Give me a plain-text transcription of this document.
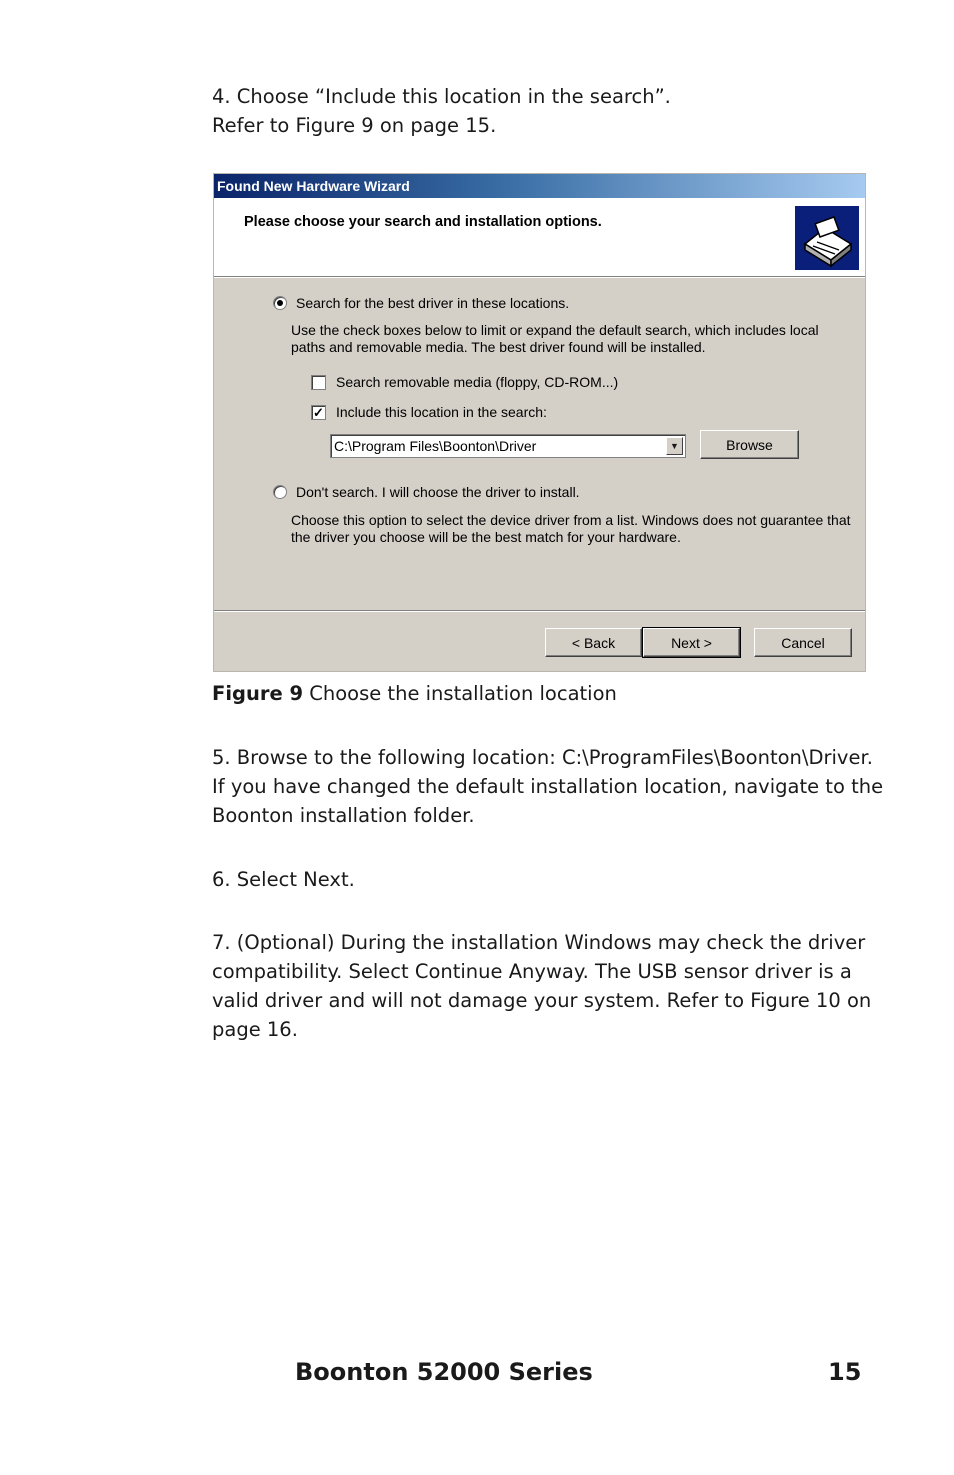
4. Choose “Include this location in the search”.
Refer to Figure 9 on page 15.
Found New Hardware Wizard
Please choose your search and installation options.
Search for the best driver in these locations.
Use the check boxes below to limit or expand the default search, which includes local
paths and removable media. The best driver found will be installed.
Search removable media (floppy, CD-ROM...)
✓ Include this location in the search:
C:\Program Files\Boonton\Driver	▼	Browse
Don't search. I will choose the driver to install.
Choose this option to select the device driver from a list. Windows does not guarantee that
the driver you choose will be the best match for your hardware.
< Back	Next >	Cancel
Figure 9 Choose the installation location
5. Browse to the following location: C:\ProgramFiles\Boonton\Driver.
If you have changed the default installation location, navigate to the
Boonton installation folder.
6. Select Next.
7. (Optional) During the installation Windows may check the driver
compatibility. Select Continue Anyway. The USB sensor driver is a
valid driver and will not damage your system. Refer to Figure 10 on
page 16.
Boonton 52000 Series	15
